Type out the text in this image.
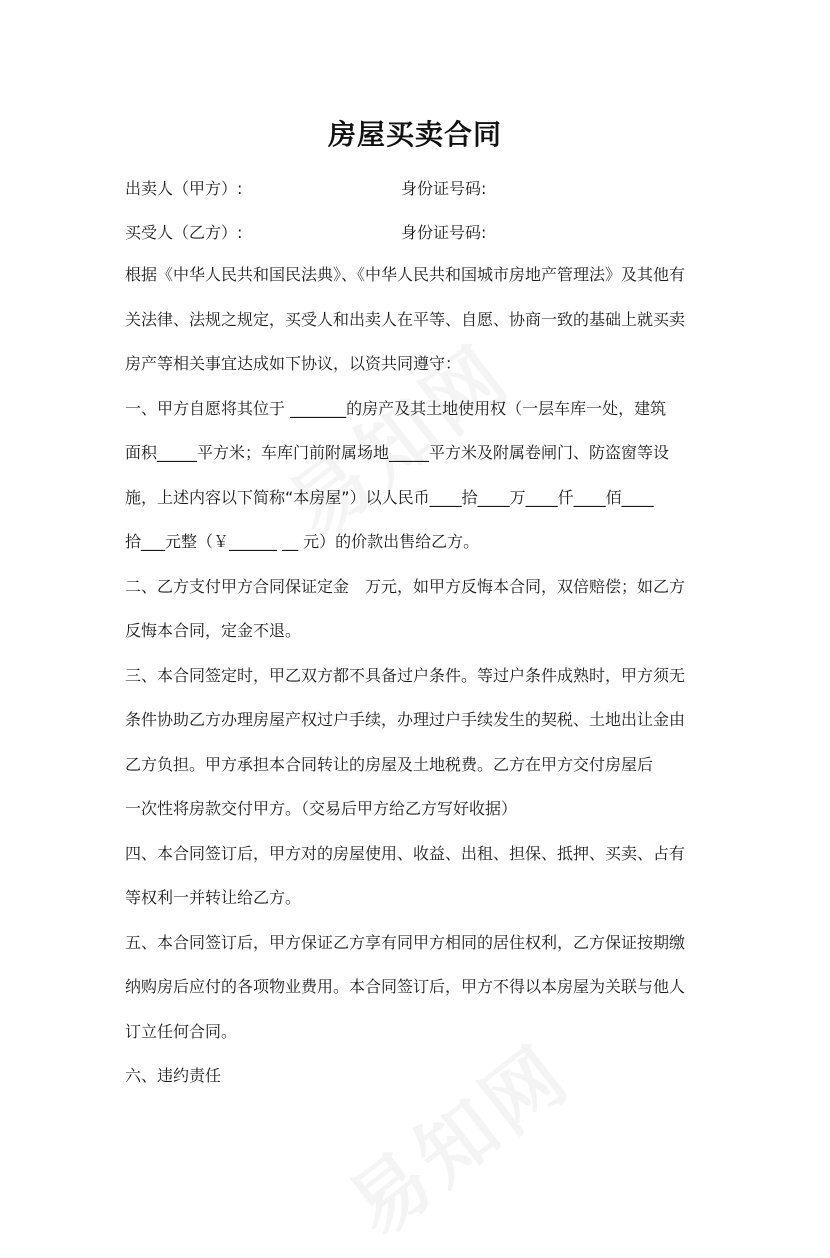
房屋买卖合同
出卖人（甲方）:	身份证号码:
买受人（乙方）:	身份证号码:
根据《中华人民共和国民法典》、《中华人民共和国城市房地产管理法》及其他有
关法律、法规之规定，买受人和出卖人在平等、自愿、协商一致的基础上就买卖
房产等相关事宜达成如下协议，以资共同遵守：
一、甲方自愿将其位于 _______的房产及其土地使用权（一层车库一处，建筑
面积_____平方米；车库门前附属场地_____平方米及附属卷闸门、防盗窗等设
施，上述内容以下简称“本房屋”）以人民币____拾____万____仟____佰____
拾___元整（￥______ __ 元）的价款出售给乙方。
二、乙方支付甲方合同保证定金　万元，如甲方反悔本合同，双倍赔偿；如乙方
反悔本合同，定金不退。
三、本合同签定时，甲乙双方都不具备过户条件。等过户条件成熟时，甲方须无
条件协助乙方办理房屋产权过户手续，办理过户手续发生的契税、土地出让金由
乙方负担。甲方承担本合同转让的房屋及土地税费。乙方在甲方交付房屋后
一次性将房款交付甲方。（交易后甲方给乙方写好收据）
四、本合同签订后，甲方对的房屋使用、收益、出租、担保、抵押、买卖、占有
等权利一并转让给乙方。
五、本合同签订后，甲方保证乙方享有同甲方相同的居住权利，乙方保证按期缴
纳购房后应付的各项物业费用。本合同签订后，甲方不得以本房屋为关联与他人
订立任何合同。
六、违约责任
